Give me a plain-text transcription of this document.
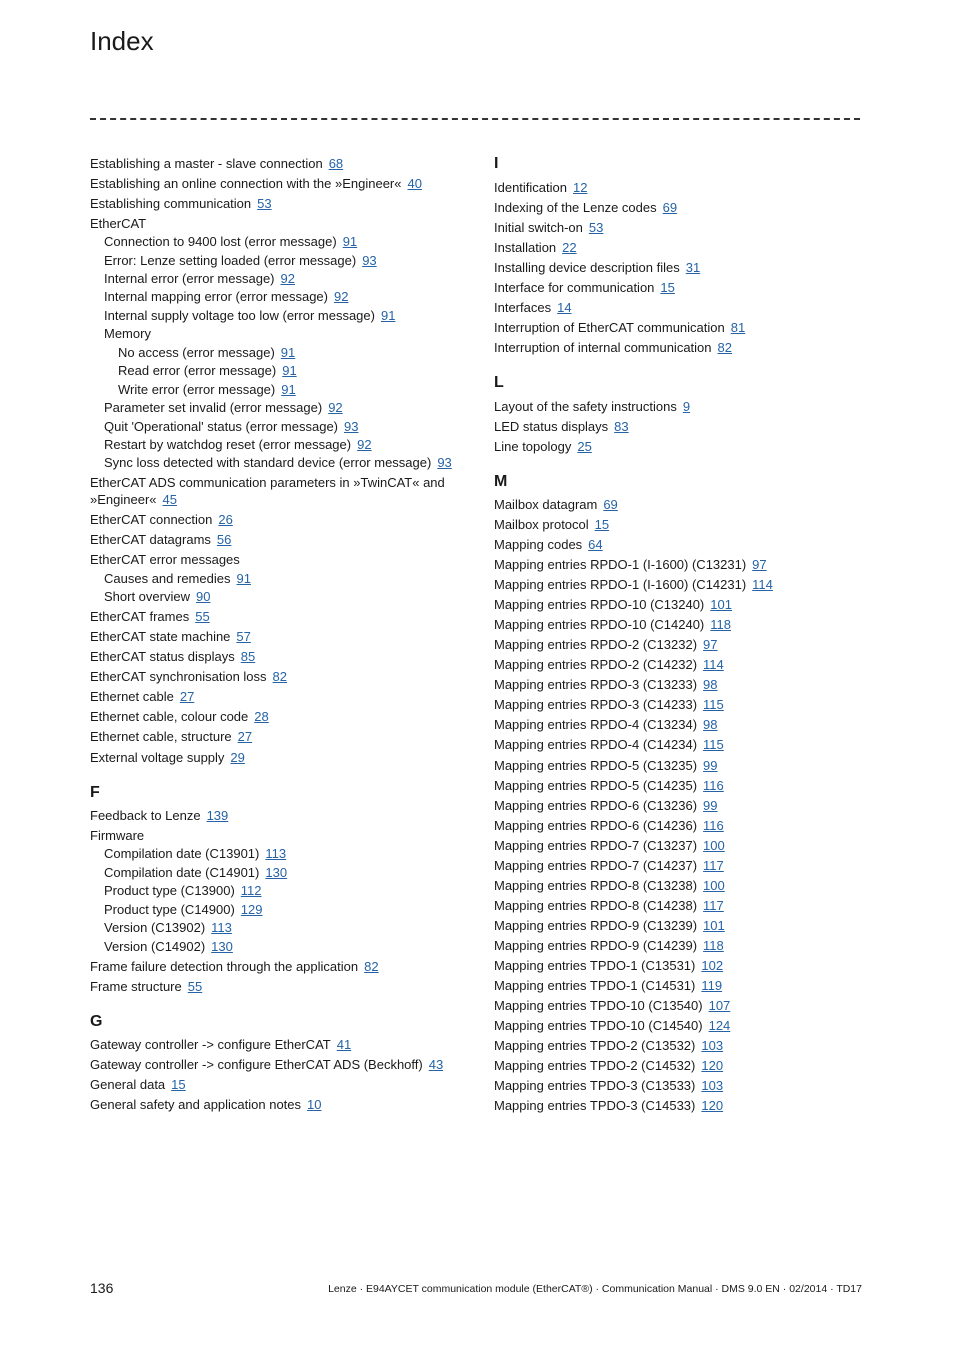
Index
Establishing a master - slave connection 68
Establishing an online connection with the »Engineer« 40
Establishing communication 53
EtherCAT
Connection to 9400 lost (error message) 91
Error: Lenze setting loaded (error message) 93
Internal error (error message) 92
Internal mapping error (error message) 92
Internal supply voltage too low (error message) 91
Memory
No access (error message) 91
Read error (error message) 91
Write error (error message) 91
Parameter set invalid (error message) 92
Quit 'Operational' status (error message) 93
Restart by watchdog reset (error message) 92
Sync loss detected with standard device (error message) 93
EtherCAT ADS communication parameters in »TwinCAT« and »Engineer« 45
EtherCAT connection 26
EtherCAT datagrams 56
EtherCAT error messages
Causes and remedies 91
Short overview 90
EtherCAT frames 55
EtherCAT state machine 57
EtherCAT status displays 85
EtherCAT synchronisation loss 82
Ethernet cable 27
Ethernet cable, colour code 28
Ethernet cable, structure 27
External voltage supply 29
F
Feedback to Lenze 139
Firmware
Compilation date (C13901) 113
Compilation date (C14901) 130
Product type (C13900) 112
Product type (C14900) 129
Version (C13902) 113
Version (C14902) 130
Frame failure detection through the application 82
Frame structure 55
G
Gateway controller -> configure EtherCAT 41
Gateway controller -> configure EtherCAT ADS (Beckhoff) 43
General data 15
General safety and application notes 10
I
Identification 12
Indexing of the Lenze codes 69
Initial switch-on 53
Installation 22
Installing device description files 31
Interface for communication 15
Interfaces 14
Interruption of EtherCAT communication 81
Interruption of internal communication 82
L
Layout of the safety instructions 9
LED status displays 83
Line topology 25
M
Mailbox datagram 69
Mailbox protocol 15
Mapping codes 64
Mapping entries RPDO-1 (I-1600) (C13231) 97
Mapping entries RPDO-1 (I-1600) (C14231) 114
Mapping entries RPDO-10 (C13240) 101
Mapping entries RPDO-10 (C14240) 118
Mapping entries RPDO-2 (C13232) 97
Mapping entries RPDO-2 (C14232) 114
Mapping entries RPDO-3 (C13233) 98
Mapping entries RPDO-3 (C14233) 115
Mapping entries RPDO-4 (C13234) 98
Mapping entries RPDO-4 (C14234) 115
Mapping entries RPDO-5 (C13235) 99
Mapping entries RPDO-5 (C14235) 116
Mapping entries RPDO-6 (C13236) 99
Mapping entries RPDO-6 (C14236) 116
Mapping entries RPDO-7 (C13237) 100
Mapping entries RPDO-7 (C14237) 117
Mapping entries RPDO-8 (C13238) 100
Mapping entries RPDO-8 (C14238) 117
Mapping entries RPDO-9 (C13239) 101
Mapping entries RPDO-9 (C14239) 118
Mapping entries TPDO-1 (C13531) 102
Mapping entries TPDO-1 (C14531) 119
Mapping entries TPDO-10 (C13540) 107
Mapping entries TPDO-10 (C14540) 124
Mapping entries TPDO-2 (C13532) 103
Mapping entries TPDO-2 (C14532) 120
Mapping entries TPDO-3 (C13533) 103
Mapping entries TPDO-3 (C14533) 120
136	Lenze · E94AYCET communication module (EtherCAT®) · Communication Manual · DMS 9.0 EN · 02/2014 · TD17
